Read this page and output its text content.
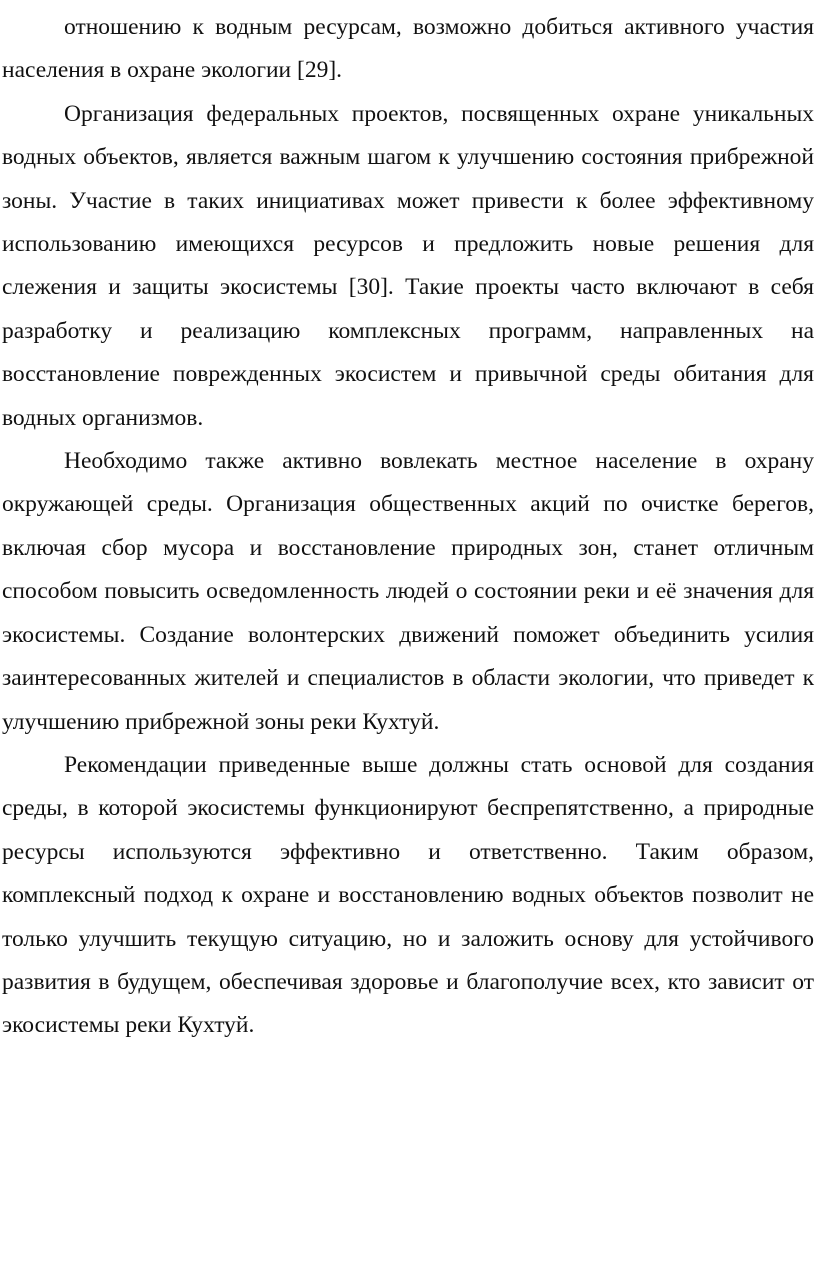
отношению к водным ресурсам, возможно добиться активного участия населения в охране экологии [29].

Организация федеральных проектов, посвященных охране уникальных водных объектов, является важным шагом к улучшению состояния прибрежной зоны. Участие в таких инициативах может привести к более эффективному использованию имеющихся ресурсов и предложить новые решения для слежения и защиты экосистемы [30]. Такие проекты часто включают в себя разработку и реализацию комплексных программ, направленных на восстановление поврежденных экосистем и привычной среды обитания для водных организмов.

Необходимо также активно вовлекать местное население в охрану окружающей среды. Организация общественных акций по очистке берегов, включая сбор мусора и восстановление природных зон, станет отличным способом повысить осведомленность людей о состоянии реки и её значения для экосистемы. Создание волонтерских движений поможет объединить усилия заинтересованных жителей и специалистов в области экологии, что приведет к улучшению прибрежной зоны реки Кухтуй.

Рекомендации приведенные выше должны стать основой для создания среды, в которой экосистемы функционируют беспрепятственно, а природные ресурсы используются эффективно и ответственно. Таким образом, комплексный подход к охране и восстановлению водных объектов позволит не только улучшить текущую ситуацию, но и заложить основу для устойчивого развития в будущем, обеспечивая здоровье и благополучие всех, кто зависит от экосистемы реки Кухтуй.
